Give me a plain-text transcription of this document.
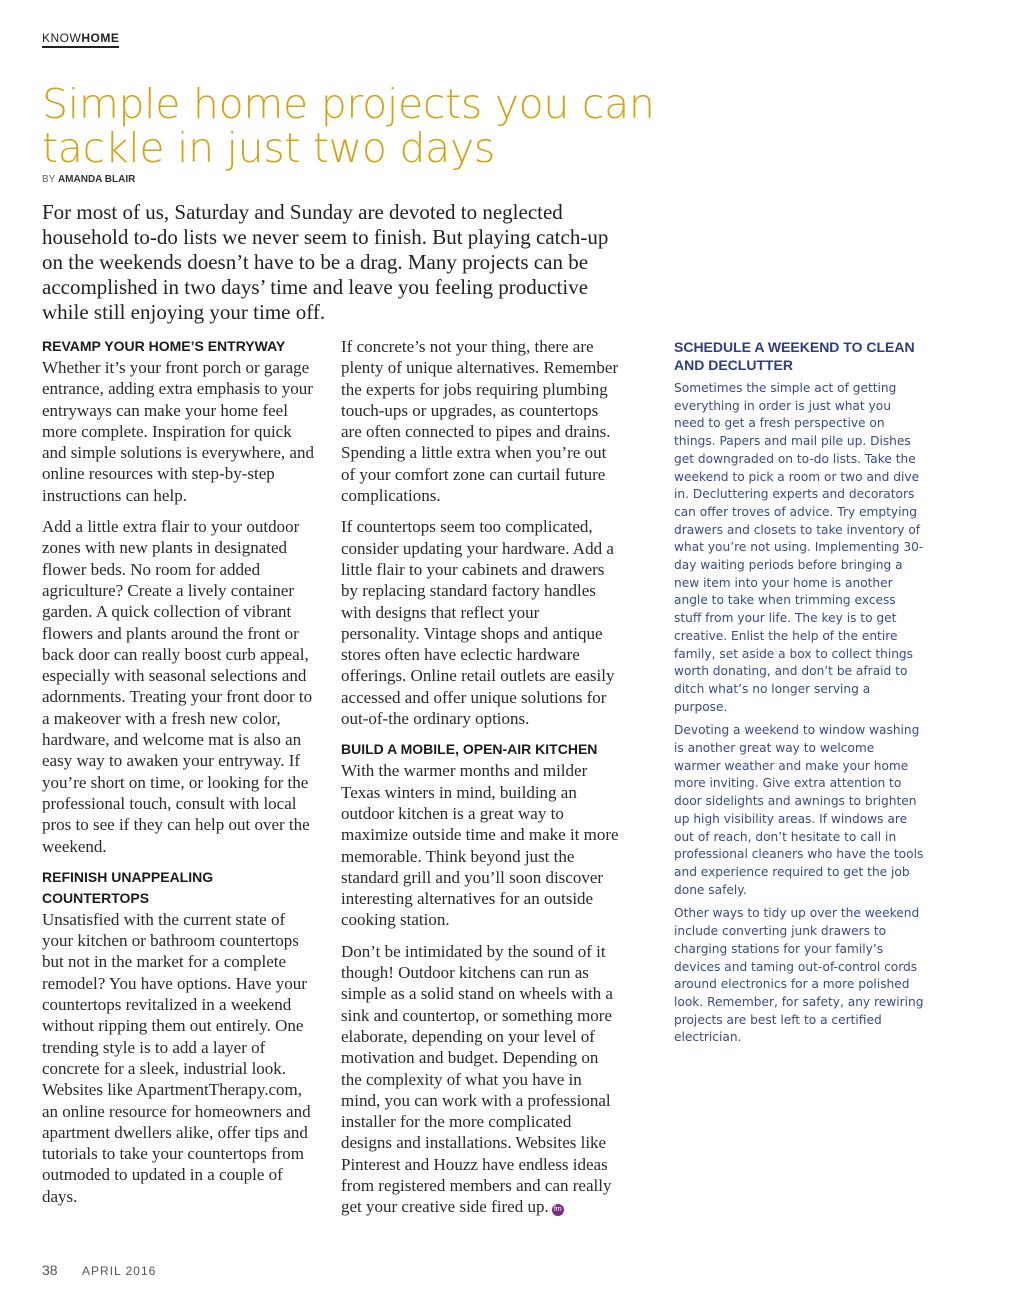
KNOWHOME
Simple home projects you can tackle in just two days
BY AMANDA BLAIR

For most of us, Saturday and Sunday are devoted to neglected household to-do lists we never seem to finish. But playing catch-up on the weekends doesn’t have to be a drag. Many projects can be accomplished in two days’ time and leave you feeling productive while still enjoying your time off.

REVAMP YOUR HOME’S ENTRYWAY

Whether it’s your front porch or garage entrance, adding extra emphasis to your entryways can make your home feel more complete. Inspiration for quick and simple solutions is everywhere, and online resources with step-by-step instructions can help.

Add a little extra flair to your outdoor zones with new plants in designated flower beds. No room for added agriculture? Create a lively container garden. A quick collection of vibrant flowers and plants around the front or back door can really boost curb appeal, especially with seasonal selections and adornments. Treating your front door to a makeover with a fresh new color, hardware, and welcome mat is also an easy way to awaken your entryway. If you’re short on time, or looking for the professional touch, consult with local pros to see if they can help out over the weekend.

REFINISH UNAPPEALING COUNTERTOPS

Unsatisfied with the current state of your kitchen or bathroom countertops but not in the market for a complete remodel? You have options. Have your countertops revitalized in a weekend without ripping them out entirely. One trending style is to add a layer of concrete for a sleek, industrial look. Websites like ApartmentTherapy.com, an online resource for homeowners and apartment dwellers alike, offer tips and tutorials to take your countertops from outmoded to updated in a couple of days.

If concrete’s not your thing, there are plenty of unique alternatives. Remember the experts for jobs requiring plumbing touch-ups or upgrades, as countertops are often connected to pipes and drains. Spending a little extra when you’re out of your comfort zone can curtail future complications.

If countertops seem too complicated, consider updating your hardware. Add a little flair to your cabinets and drawers by replacing standard factory handles with designs that reflect your personality. Vintage shops and antique stores often have eclectic hardware offerings. Online retail outlets are easily accessed and offer unique solutions for out-of-the ordinary options.

BUILD A MOBILE, OPEN-AIR KITCHEN

With the warmer months and milder Texas winters in mind, building an outdoor kitchen is a great way to maximize outside time and make it more memorable. Think beyond just the standard grill and you’ll soon discover interesting alternatives for an outside cooking station.

Don’t be intimidated by the sound of it though! Outdoor kitchens can run as simple as a solid stand on wheels with a sink and countertop, or something more elaborate, depending on your level of motivation and budget. Depending on the complexity of what you have in mind, you can work with a professional installer for the more complicated designs and installations. Websites like Pinterest and Houzz have endless ideas from registered members and can really get your creative side fired up. fm

SCHEDULE A WEEKEND TO CLEAN AND DECLUTTER

Sometimes the simple act of getting everything in order is just what you need to get a fresh perspective on things. Papers and mail pile up. Dishes get downgraded on to-do lists. Take the weekend to pick a room or two and dive in. Decluttering experts and decorators can offer troves of advice. Try emptying drawers and closets to take inventory of what you’re not using. Implementing 30-day waiting periods before bringing a new item into your home is another angle to take when trimming excess stuff from your life. The key is to get creative. Enlist the help of the entire family, set aside a box to collect things worth donating, and don’t be afraid to ditch what’s no longer serving a purpose.

Devoting a weekend to window washing is another great way to welcome warmer weather and make your home more inviting. Give extra attention to door sidelights and awnings to brighten up high visibility areas. If windows are out of reach, don’t hesitate to call in professional cleaners who have the tools and experience required to get the job done safely.

Other ways to tidy up over the weekend include converting junk drawers to charging stations for your family’s devices and taming out-of-control cords around electronics for a more polished look. Remember, for safety, any rewiring projects are best left to a certified electrician.

38 APRIL 2016
